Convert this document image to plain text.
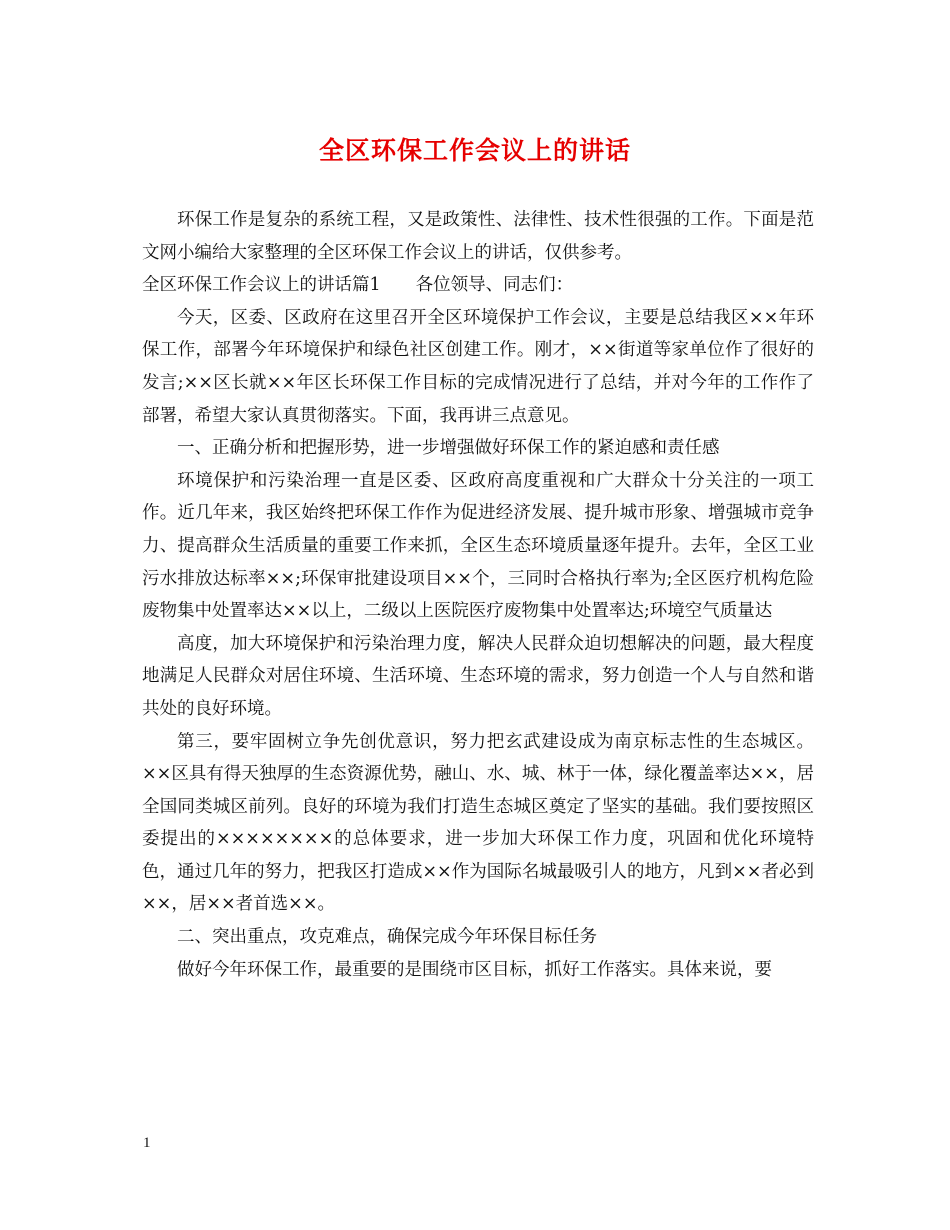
全区环保工作会议上的讲话

环保工作是复杂的系统工程，又是政策性、法律性、技术性很强的工作。下面是范文网小编给大家整理的全区环保工作会议上的讲话，仅供参考。

全区环保工作会议上的讲话篇1　　各位领导、同志们：

今天，区委、区政府在这里召开全区环境保护工作会议，主要是总结我区××年环保工作，部署今年环境保护和绿色社区创建工作。刚才，××街道等家单位作了很好的发言;××区长就××年区长环保工作目标的完成情况进行了总结，并对今年的工作作了部署，希望大家认真贯彻落实。下面，我再讲三点意见。

一、正确分析和把握形势，进一步增强做好环保工作的紧迫感和责任感

环境保护和污染治理一直是区委、区政府高度重视和广大群众十分关注的一项工作。近几年来，我区始终把环保工作作为促进经济发展、提升城市形象、增强城市竞争力、提高群众生活质量的重要工作来抓，全区生态环境质量逐年提升。去年，全区工业污水排放达标率××;环保审批建设项目××个，三同时合格执行率为;全区医疗机构危险废物集中处置率达××以上，二级以上医院医疗废物集中处置率达;环境空气质量达

高度，加大环境保护和污染治理力度，解决人民群众迫切想解决的问题，最大程度地满足人民群众对居住环境、生活环境、生态环境的需求，努力创造一个人与自然和谐共处的良好环境。

第三，要牢固树立争先创优意识，努力把玄武建设成为南京标志性的生态城区。××区具有得天独厚的生态资源优势，融山、水、城、林于一体，绿化覆盖率达××，居全国同类城区前列。良好的环境为我们打造生态城区奠定了坚实的基础。我们要按照区委提出的××××××××的总体要求，进一步加大环保工作力度，巩固和优化环境特色，通过几年的努力，把我区打造成××作为国际名城最吸引人的地方，凡到××者必到××，居××者首选××。

二、突出重点，攻克难点，确保完成今年环保目标任务

做好今年环保工作，最重要的是围绕市区目标，抓好工作落实。具体来说，要

1
